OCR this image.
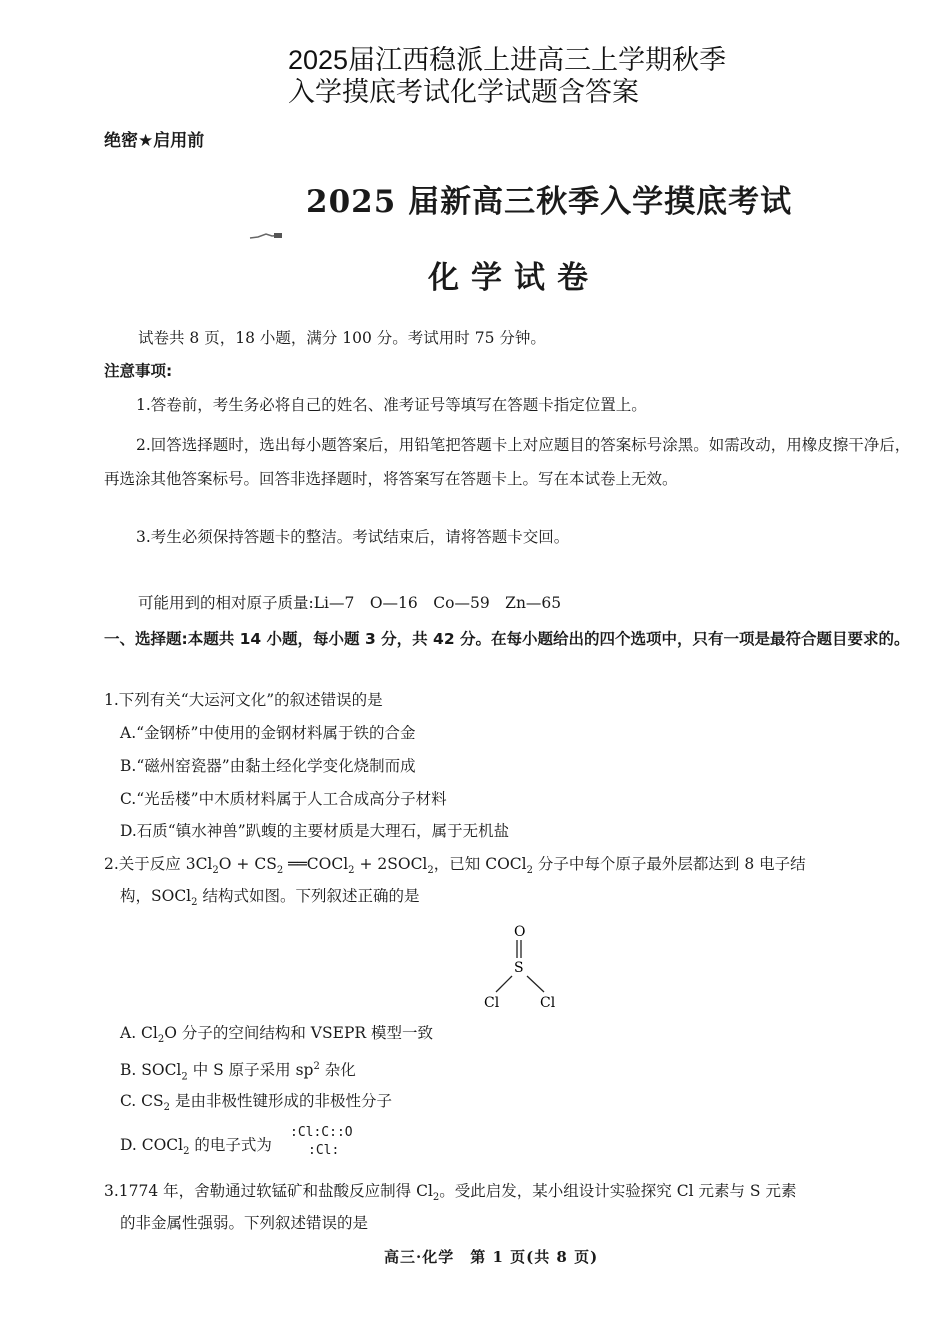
2025届江西稳派上进高三上学期秋季
入学摸底考试化学试题含答案
绝密★启用前
2025 届新高三秋季入学摸底考试
化学试卷
试卷共 8 页，18 小题，满分 100 分。考试用时 75 分钟。
注意事项:
1.答卷前，考生务必将自己的姓名、准考证号等填写在答题卡指定位置上。
2.回答选择题时，选出每小题答案后，用铅笔把答题卡上对应题目的答案标号涂黑。如需改动，用橡皮擦干净后，再选涂其他答案标号。回答非选择题时，将答案写在答题卡上。写在本试卷上无效。
3.考生必须保持答题卡的整洁。考试结束后，请将答题卡交回。
可能用到的相对原子质量:Li—7　O—16　Co—59　Zn—65
一、选择题:本题共 14 小题，每小题 3 分，共 42 分。在每小题给出的四个选项中，只有一项是最符合题目要求的。
1.下列有关“大运河文化”的叙述错误的是
A.“金钢桥”中使用的金钢材料属于铁的合金
B.“磁州窑瓷器”由黏土经化学变化烧制而成
C.“光岳楼”中木质材料属于人工合成高分子材料
D.石质“镇水神兽”趴蝮的主要材质是大理石，属于无机盐
2.关于反应 $3Cl_2O + CS_2$ ══COCl$_2$ + 2SOCl$_2$，已知 COCl$_2$ 分子中每个原子最外层都达到 8 电子结
构，SOCl$_2$ 结构式如图。下列叙述正确的是
O
S
Cl	Cl
A. $Cl_2O$ 分子的空间结构和 VSEPR 模型一致
B. SOCl$_2$ 中 S 原子采用 $sp^2$ 杂化
C. $CS_2$ 是由非极性键形成的非极性分子
D. COCl$_2$ 的电子式为
:Cl:C::O
:Cl:
3.1774 年，舍勒通过软锰矿和盐酸反应制得 $Cl_2$。受此启发，某小组设计实验探究 Cl 元素与 S 元素
的非金属性强弱。下列叙述错误的是
高三·化学　第 1 页(共 8 页)
